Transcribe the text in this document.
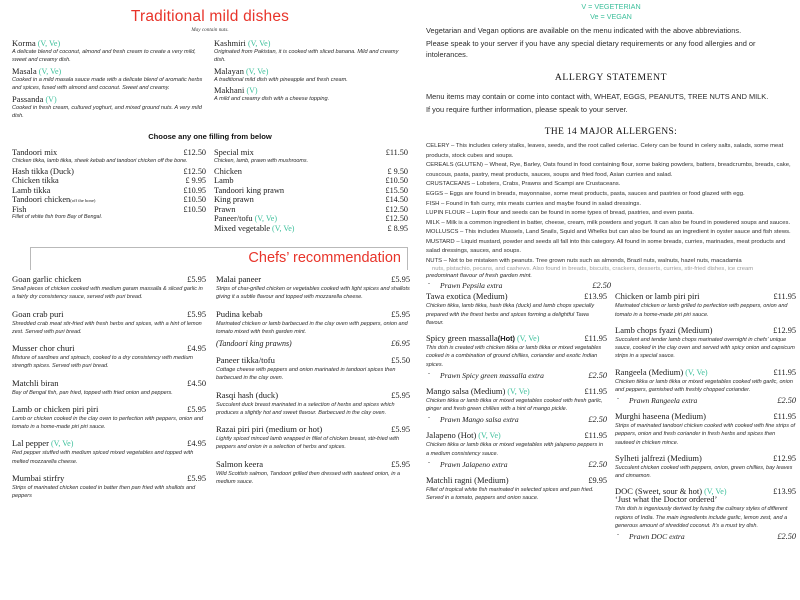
Traditional mild dishes
May contain nuts.
Korma (V, Ve)
A delicate blend of coconut, almond and fresh cream to create a very mild, sweet and creamy dish.
Masala (V, Ve)
Cooked in a mild masala sauce made with a delicate blend of aromatic herbs and spices, fused with almond and coconut. Sweet and creamy.
Passanda (V)
Cooked in fresh cream, cultured yoghurt, and mixed ground nuts. A very mild dish.
Kashmiri (V, Ve)
Originated from Pakistan, it is cooked with sliced banana. Mild and creamy dish.
Malayan (V, Ve)
A traditional mild dish with pineapple and fresh cream.
Makhani (V)
A mild and creamy dish with a cheese topping.
Choose any one filling from below
Tandoori mix	£12.50
Chicken tikka, lamb tikka, sheek kebab and tandoori chicken off the bone.
Hash tikka (Duck)	£12.50
Chicken tikka	£ 9.95
Lamb tikka	£10.95
Tandoori chicken (off the bone)	£10.50
Fish	£10.50
Fillet of white fish from Bay of Bengal.
Special mix	£11.50
Chicken, lamb, prawn with mushrooms.
Chicken	£ 9.50
Lamb	£10.50
Tandoori king prawn	£15.50
King prawn	£14.50
Prawn	£12.50
Paneer/tofu (V, Ve)	£12.50
Mixed vegetable (V, Ve)	£ 8.95
Chefs’ recommendation
Goan garlic chicken	£5.95
Small pieces of chicken cooked with medium garam massalla & sliced garlic in a fairly dry consistency sauce, served with puri bread.
Goan crab puri	£5.95
Shredded crab meat stir-fried with fresh herbs and spices, with a hint of lemon zest. Served with puri bread.
Musser chor churi	£4.95
Mixture of sardines and spinach, cooked to a dry consistency with medium strength spices. Served with puri bread.
Matchli biran	£4.50
Bay of Bengal fish, pan fried, topped with fried onion and peppers.
Lamb or chicken piri piri	£5.95
Lamb or chicken cooked in the clay oven to perfection with peppers, onion and tomato in a home-made piri piri sauce.
Lal pepper (V, Ve)	£4.95
Red pepper stuffed with medium spiced mixed vegetables and topped with melted mozzarella cheese.
Mumbai stirfry	£5.95
Strips of marinated chicken coated in batter then pan fried with shallots and peppers
Malai paneer	£5.95
Strips of char-grilled chicken or vegetables cooked with light spices and shallots giving it a subtle flavour and topped with mozzarella cheese.
Pudina kebab	£5.95
Marinated chicken or lamb barbecued in the clay oven with peppers, onion and tomato mixed with fresh garden mint.
(Tandoori king prawns)	£6.95
Paneer tikka/tofu	£5.50
Cottage cheese with peppers and onion marinated in tandoori spices then barbecued in the clay oven.
Rasqi hash (duck)	£5.95
Succulent duck breast marinated in a selection of herbs and spices which produces a slightly hot and sweet flavour. Barbecued in the clay oven.
Razai piri piri (medium or hot)	£5.95
Lightly spiced minced lamb wrapped in fillet of chicken breast, stir-fried with peppers and onion in a selection of herbs and spices.
Salmon keera	£5.95
Wild Scottish salmon, Tandoori grilled then dressed with sauteed onion, in a medium sauce.
V = VEGETERIAN
Ve = VEGAN

Vegetarian and Vegan options are available on the menu indicated with the above abbreviations.

Please speak to your server if you have any special dietary requirements or any food allergies and or intolerances.

ALLERGY STATEMENT

Menu items may contain or come into contact with, WHEAT, EGGS, PEANUTS, TREE NUTS AND MILK.

If you require further information, please speak to your server.

THE 14 MAJOR ALLERGENS:

CELERY – This includes celery stalks, leaves, seeds, and the root called celeriac. Celery can be found in celery salts, salads, some meat products, stock cubes and soups.

CEREALS (GLUTEN) – Wheat, Rye, Barley, Oats found in food containing flour, some baking powders, batters, breadcrumbs, breads, cake, couscous, pasta, pastry, meat products, sauces, soups and fried food, Asian curries and salad.

CRUSTACEANS – Lobsters, Crabs, Prawns and Scampi are Crustaceans.

EGGS – Eggs are found in breads, mayonnaise, some meat products, pasta, sauces and pastries or food glazed with egg.

FISH – Found in fish curry, mix meats curries and maybe found in salad dressings.

LUPIN FLOUR – Lupin flour and seeds can be found in some types of bread, pastries, and even pasta.

MILK – Milk is a common ingredient in batter, cheese, cream, milk powders and yogurt. It can also be found in powdered soups and sauces.

MOLLUSCS – This includes Mussels, Land Snails, Squid and Whelks but can also be found as an ingredient in oyster sauce and fish stews.

MUSTARD – Liquid mustard, powder and seeds all fall into this category. All found in some breads, curries, marinades, meat products and salad dressings, sauces, and soups.

NUTS – Not to be mistaken with peanuts. Tree grown nuts such as almonds, Brazil nuts, walnuts, hazel nuts, macadamia

nuts, pistachio, pecans, and cashews. Also found in breads, biscuits, crackers, desserts, curries, stir-fried dishes, ice cream
predominant flavour of fresh garden mint.
- Prawn Pepsila extra	£2.50
Tawa exotica (Medium)	£13.95
Chicken tikka, lamb tikka, hash tikka (duck) and lamb chops specially prepared with the finest herbs and spices forming a delightful Tawa flavour.
Spicy green massalla (Hot) (V, Ve)	£11.95
This dish is created with chicken tikka or lamb tikka or mixed vegetables cooked in a combination of ground chillies, coriander and exotic Indian spices.
- Prawn Spicy green massalla extra	£2.50
Mango salsa (Medium) (V, Ve)	£11.95
Chicken tikka or lamb tikka or mixed vegetables cooked with fresh garlic, ginger and fresh green chillies with a hint of mango pickle.
- Prawn Mango salsa extra	£2.50
Jalapeno (Hot) (V, Ve)	£11.95
Chicken tikka or lamb tikka or mixed vegetables with jalapeno peppers in a medium consistency sauce.
- Prawn Jalapeno extra	£2.50
Matchli ragni (Medium)	£9.95
Fillet of tropical white fish marinated in selected spices and pan fried. Served in a tomato, peppers and onion sauce.
Chicken or lamb piri piri	£11.95
Marinated chicken or lamb grilled to perfection with peppers, onion and tomato in a home-made piri piri sauce.
Lamb chops fyazi (Medium)	£12.95
Succulent and tender lamb chops marinated overnight in chefs’ unique sauce, cooked in the clay oven and served with spicy onion and capsicum strips in a special sauce.
Rangeela (Medium) (V, Ve)	£11.95
Chicken tikka or lamb tikka or mixed vegetables cooked with garlic, onion and peppers, garnished with freshly chopped coriander.
- Prawn Rangeela extra	£2.50
Murghi haseena (Medium)	£11.95
Strips of marinated tandoori chicken cooked with cooked with fine strips of peppers, onion and fresh coriander in fresh herbs and spices then sauteed in chicken mince.
Sylheti jalfrezi (Medium)	£12.95
Succulent chicken cooked with peppers, onion, green chillies, bay leaves and cinnamon.
DOC (Sweet, sour & hot) (V, Ve)	£13.95
‘Just what the Doctor ordered’
This dish is ingeniously derived by fusing the culinary styles of different regions of India. The main ingredients include garlic, lemon zest, and a generous amount of shredded coconut. It’s a must try dish.
- Prawn DOC extra	£2.50
